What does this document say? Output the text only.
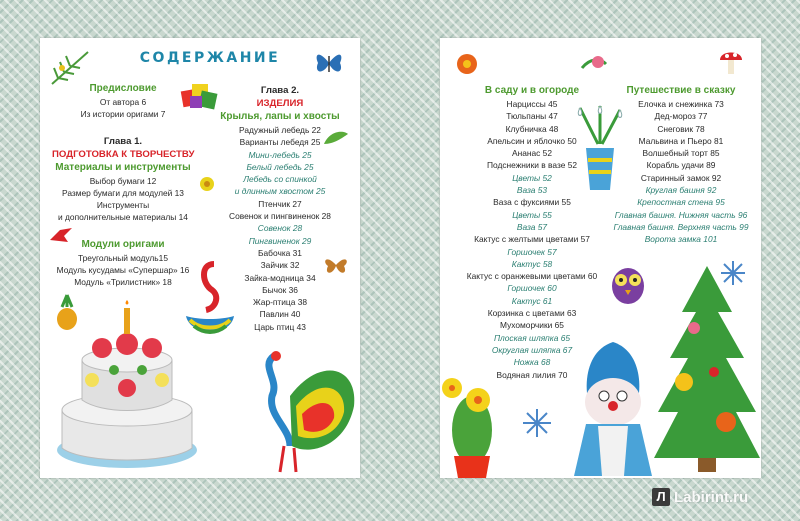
СОДЕРЖАНИЕ
Предисловие
От автора 6
Из истории оригами 7
Глава 1.
ПОДГОТОВКА К ТВОРЧЕСТВУ
Материалы и инструменты
Выбор бумаги 12
Размер бумаги для модулей 13
Инструменты
и дополнительные материалы 14
Модули оригами
Треугольный модуль15
Модуль кусудамы «Супершар» 16
Модуль «Трилистник» 18
Глава 2.
ИЗДЕЛИЯ
Крылья, лапы и хвосты
Радужный лебедь 22
Варианты лебедя 25
Мини-лебедь 25
Белый лебедь 25
Лебедь со спинкой
и длинным хвостом 25
Птенчик 27
Совенок и пингвиненок 28
Совенок 28
Пингвиненок 29
Бабочка 31
Зайчик 32
Зайка-модница 34
Бычок 36
Жар-птица 38
Павлин 40
Царь птиц 43
В саду и в огороде
Нарциссы 45
Тюльпаны 47
Клубничка 48
Апельсин и яблочко 50
Ананас 52
Подснежники в вазе 52
Цветы 52
Ваза 53
Ваза с фуксиями 55
Цветы 55
Ваза 57
Кактус с желтыми цветами 57
Горшочек 57
Кактус 58
Кактус с оранжевыми цветами 60
Горшочек 60
Кактус 61
Корзинка с цветами 63
Мухоморчики 65
Плоская шляпка 65
Округлая шляпка 67
Ножка 68
Водяная лилия 70
Путешествие в сказку
Елочка и снежинка 73
Дед-мороз 77
Снеговик 78
Мальвина и Пьеро 81
Волшебный торт 85
Корабль удачи 89
Старинный замок 92
Круглая башня 92
Крепостная стена 95
Главная башня. Нижняя часть 96
Главная башня. Верхняя часть 99
Ворота замка 101
Л Labirint.ru
